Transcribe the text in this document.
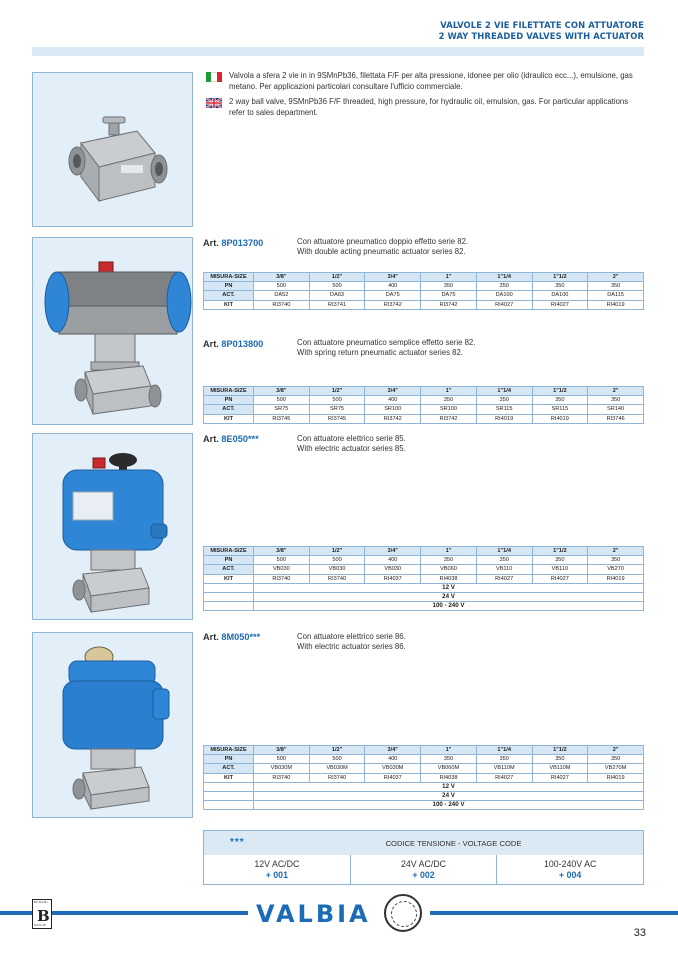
VALVOLE 2 VIE FILETTATE CON ATTUATORE
2 WAY THREADED VALVES WITH ACTUATOR
Valvola a sfera 2 vie in in 9SMnPb36, filettata F/F per alta pressione, idonee per olio (idraulico ecc...), emulsione, gas metano. Per applicazioni particolari consultare l'ufficio commerciale.
2 way ball valve, 9SMnPb36 F/F threaded, high pressure, for hydraulic oil, emulsion, gas. For particular applications refer to sales department.
Art. 8P013700	Con attuatore pneumatico doppio effetto serie 82.
With double acting pneumatic actuator series 82.
MISURA-SIZE	3/8"	1/2"	3/4"	1"	1"1/4	1"1/2	2"
PN	500	500	400	350	350	350	350
ACT.	DA52	DA63	DA75	DA75	DA100	DA100	DA115
KIT	RI3740	RI3741	RI3742	RI3742	RI4027	RI4027	RI4019
Art. 8P013800	Con attuatore pneumatico semplice effetto serie 82.
With spring return pneumatic actuator series 82.
MISURA-SIZE	3/8"	1/2"	3/4"	1"	1"1/4	1"1/2	2"
PN	500	500	400	350	350	350	350
ACT.	SR75	SR75	SR100	SR100	SR115	SR115	SR140
KIT	RI3745	RI3745	RI3742	RI3742	RI4019	RI4019	RI3746
Art. 8E050***	Con attuatore elettrico serie 85.
With electric actuator series 85.
MISURA-SIZE	3/8"	1/2"	3/4"	1"	1"1/4	1"1/2	2"
PN	500	500	400	350	350	350	350
ACT.	VB030	VB030	VB030	VB060	VB110	VB110	VB270
KIT	RI3740	RI3740	RI4037	RI4038	RI4027	RI4027	RI4019
	12 V						
	24 V						
	100 - 240 V						
Art. 8M050***	Con attuatore elettrico serie 86.
With electric actuator series 86.
MISURA-SIZE	3/8"	1/2"	3/4"	1"	1"1/4	1"1/2	2"
PN	500	500	400	350	350	350	350
ACT.	VB030M	VB030M	VB030M	VB060M	VB110M	VB110M	VB270M
KIT	RI3740	RI3740	RI4037	RI4038	RI4027	RI4027	RI4019
	12 V						
	24 V						
	100 - 240 V						
***	CODICE TENSIONE - VOLTAGE CODE
12V AC/DC
+ 001
24V AC/DC
+ 002
100-240V AC
+ 004
BONOMI
B
GROUP	VALBIA
33
